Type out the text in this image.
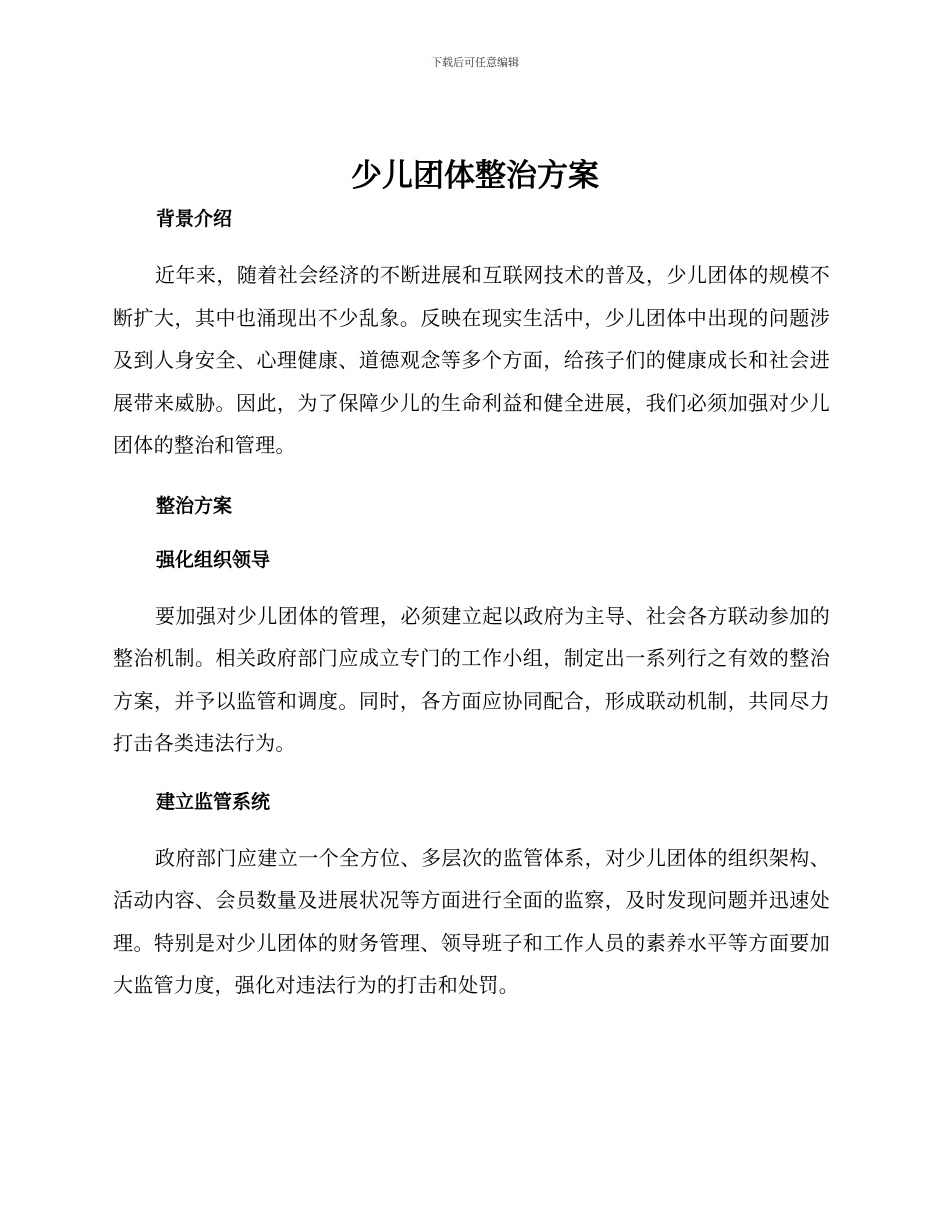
下载后可任意编辑
少儿团体整治方案
背景介绍

近年来，随着社会经济的不断进展和互联网技术的普及，少儿团体的规模不断扩大，其中也涌现出不少乱象。反映在现实生活中，少儿团体中出现的问题涉及到人身安全、心理健康、道德观念等多个方面，给孩子们的健康成长和社会进展带来威胁。因此，为了保障少儿的生命利益和健全进展，我们必须加强对少儿团体的整治和管理。

整治方案
强化组织领导

要加强对少儿团体的管理，必须建立起以政府为主导、社会各方联动参加的整治机制。相关政府部门应成立专门的工作小组，制定出一系列行之有效的整治方案，并予以监管和调度。同时，各方面应协同配合，形成联动机制，共同尽力打击各类违法行为。

建立监管系统

政府部门应建立一个全方位、多层次的监管体系，对少儿团体的组织架构、活动内容、会员数量及进展状况等方面进行全面的监察，及时发现问题并迅速处理。特别是对少儿团体的财务管理、领导班子和工作人员的素养水平等方面要加大监管力度，强化对违法行为的打击和处罚。
